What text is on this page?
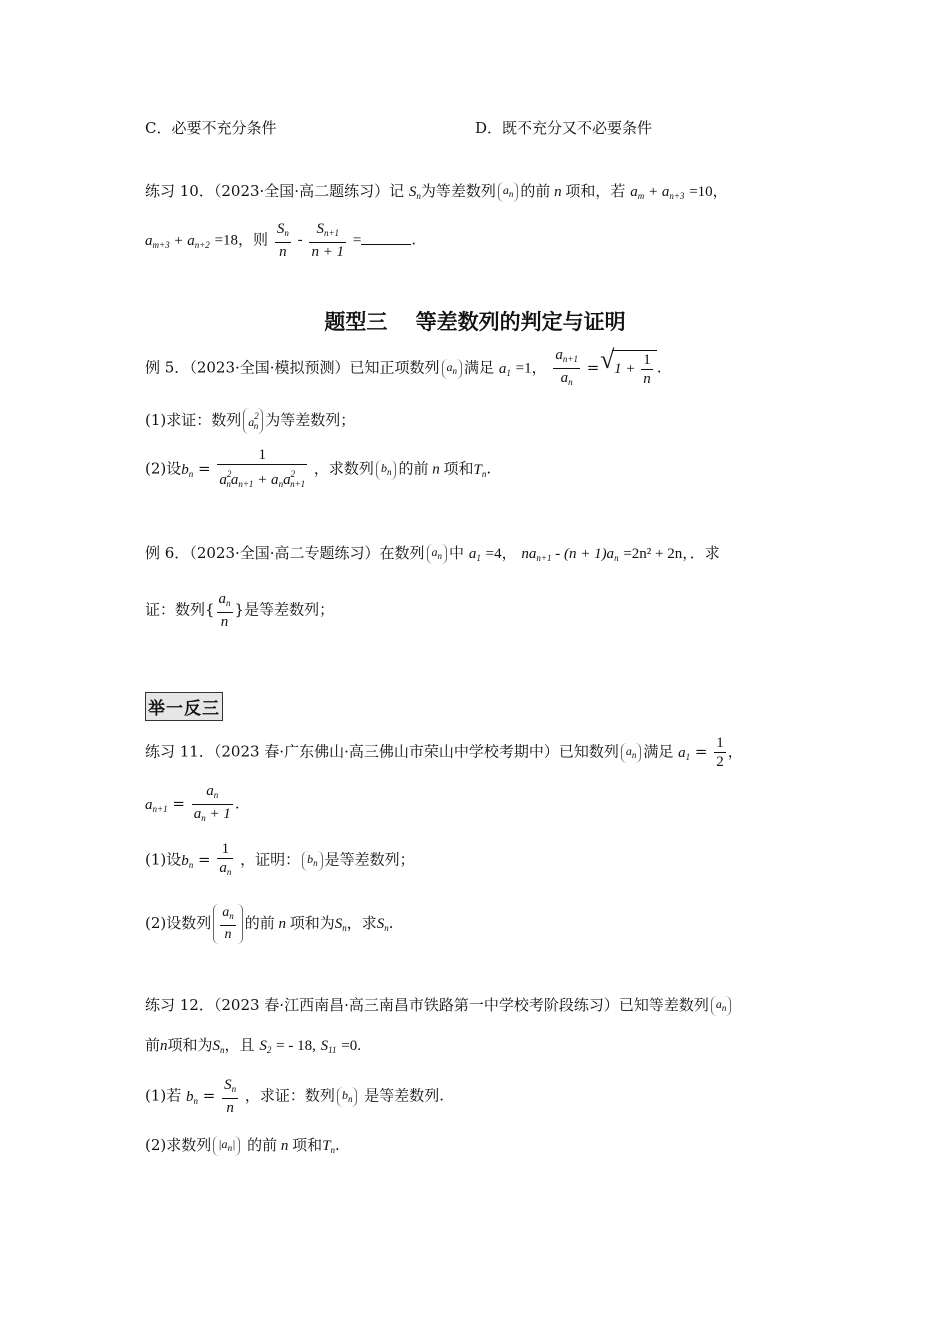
C．必要不充分条件	D．既不充分又不必要条件
练习 10．（2023·全国·高二题练习）记 $S_n$为等差数列 $a_n$ 的前 n 项和，若 $a_m + a_{n+3} =10$，
$a_{m+3} + a_{n+2} =18$，则 $\frac{S_n}{n} - \frac{S_{n+1}}{n + 1}$ =	.
题型三　 等差数列的判定与证明
例 5．（2023·全国·模拟预测）已知正项数列 $a_n$ 满足 $a_1 =1$， $\frac{a_{n+1}}{a_n}$ = √ $1 + \frac{1}{n}$ .
(1)求证：数列 $a^2_n$ 为等差数列；
(2)设$b_n = \frac{1}{a^2_na_{n+1} + a_na^2_{n+1}}$ ，求数列 $b_n$ 的前 n 项和$T_n$.
例 6．（2023·全国·高二专题练习）在数列 $a_n$ 中 $a_1 =4$， $na_{n+1} - (n + 1)a_n =2n^2 + 2n$，．求
证：数列{ $\frac{a_n}{n}$ }是等差数列；
举一反三
练习 11．（2023 春·广东佛山·高三佛山市荣山中学校考期中）已知数列 $a_n$ 满足 $a_1 = \frac{1}{2}$ ，
$a_{n+1} = \frac{a_n}{a_n + 1}$ .
(1)设$b_n = \frac{1}{a_n}$ ，证明： $b_n$ 是等差数列；
(2)设数列 $\frac{a_n}{n}$ 的前 n 项和为$S_n$，求$S_n$.
练习 12．（2023 春·江西南昌·高三南昌市铁路第一中学校考阶段练习）已知等差数列 $a_n$
前n项和为$S_n$，且 $S_2$ = - 18, $S_{11} =0$.
(1)若 $b_n = \frac{S_n}{n}$ ，求证：数列 $b_n$ 是等差数列.
(2)求数列 $|a_n|$ 的前 n 项和$T_n$.
